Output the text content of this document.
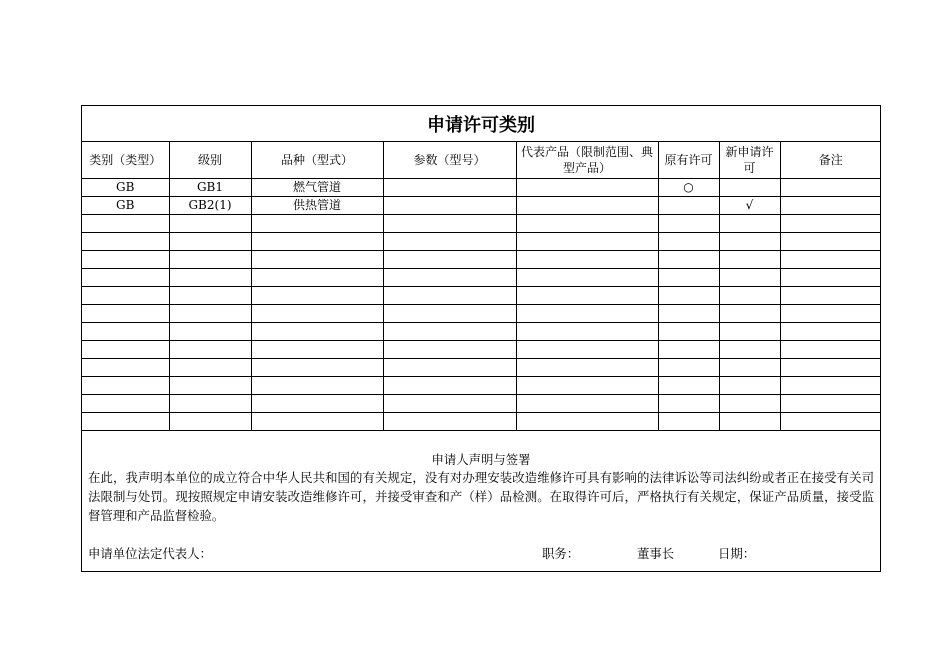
申请许可类别
类别（类型）	级别	品种（型式）	参数（型号）	代表产品（限制范围、典型产品）	原有许可	新申请许可	备注
GB	GB1	燃气管道			○		
GB	GB2(1)	供热管道				√	

申请人声明与签署
在此，我声明本单位的成立符合中华人民共和国的有关规定，没有对办理安装改造维修许可具有影响的法律诉讼等司法纠纷或者正在接受有关司法限制与处罚。现按照规定申请安装改造维修许可，并接受审查和产（样）品检测。在取得许可后，严格执行有关规定，保证产品质量，接受监督管理和产品监督检验。
申请单位法定代表人：	职务：	董事长	日期：
